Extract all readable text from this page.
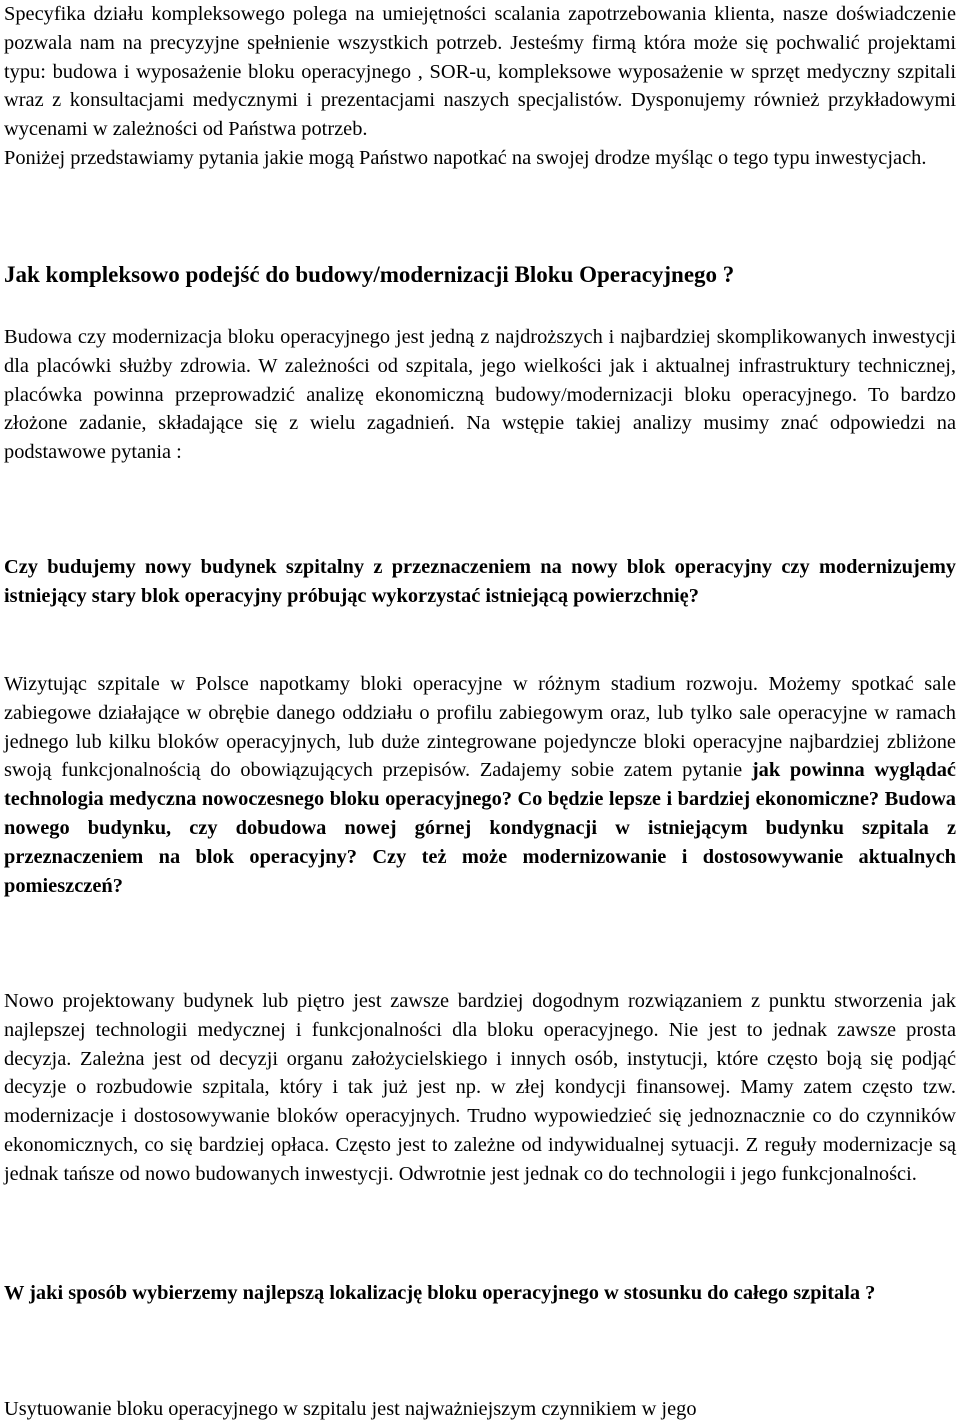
Specyfika działu kompleksowego polega na umiejętności scalania zapotrzebowania klienta, nasze doświadczenie pozwala nam na precyzyjne spełnienie wszystkich potrzeb. Jesteśmy firmą która może się pochwalić projektami typu: budowa i wyposażenie bloku operacyjnego , SOR-u, kompleksowe wyposażenie w sprzęt medyczny szpitali wraz z konsultacjami medycznymi i prezentacjami naszych specjalistów. Dysponujemy również przykładowymi wycenami w zależności od Państwa potrzeb.
Poniżej przedstawiamy pytania jakie mogą Państwo napotkać na swojej drodze myśląc o tego typu inwestycjach.

Jak kompleksowo podejść do budowy/modernizacji Bloku Operacyjnego ?

Budowa czy modernizacja bloku operacyjnego jest jedną z najdroższych i najbardziej skomplikowanych inwestycji dla placówki służby zdrowia. W zależności od szpitala, jego wielkości jak i aktualnej infrastruktury technicznej, placówka powinna przeprowadzić analizę ekonomiczną budowy/modernizacji bloku operacyjnego. To bardzo złożone zadanie, składające się z wielu zagadnień. Na wstępie takiej analizy musimy znać odpowiedzi na podstawowe pytania :

Czy budujemy nowy budynek szpitalny z przeznaczeniem na nowy blok operacyjny czy modernizujemy istniejący stary blok operacyjny próbując wykorzystać istniejącą powierzchnię?

Wizytując szpitale w Polsce napotkamy bloki operacyjne w różnym stadium rozwoju. Możemy spotkać sale zabiegowe działające w obrębie danego oddziału o profilu zabiegowym oraz, lub tylko sale operacyjne w ramach jednego lub kilku bloków operacyjnych, lub duże zintegrowane pojedyncze bloki operacyjne najbardziej zbliżone swoją funkcjonalnością do obowiązujących przepisów. Zadajemy sobie zatem pytanie jak powinna wyglądać technologia medyczna nowoczesnego bloku operacyjnego? Co będzie lepsze i bardziej ekonomiczne? Budowa nowego budynku, czy dobudowa nowej górnej kondygnacji w istniejącym budynku szpitala z przeznaczeniem na blok operacyjny? Czy też może modernizowanie i dostosowywanie aktualnych pomieszczeń?

Nowo projektowany budynek lub piętro jest zawsze bardziej dogodnym rozwiązaniem z punktu stworzenia jak najlepszej technologii medycznej i funkcjonalności dla bloku operacyjnego. Nie jest to jednak zawsze prosta decyzja. Zależna jest od decyzji organu założycielskiego i innych osób, instytucji, które często boją się podjąć decyzje o rozbudowie szpitala, który i tak już jest np. w złej kondycji finansowej. Mamy zatem często tzw. modernizacje i dostosowywanie bloków operacyjnych. Trudno wypowiedzieć się jednoznacznie co do czynników ekonomicznych, co się bardziej opłaca. Często jest to zależne od indywidualnej sytuacji. Z reguły modernizacje są jednak tańsze od nowo budowanych inwestycji. Odwrotnie jest jednak co do technologii i jego funkcjonalności.

W jaki sposób wybierzemy najlepszą lokalizację bloku operacyjnego w stosunku do całego szpitala ?

Usytuowanie bloku operacyjnego w szpitalu jest najważniejszym czynnikiem w jego
